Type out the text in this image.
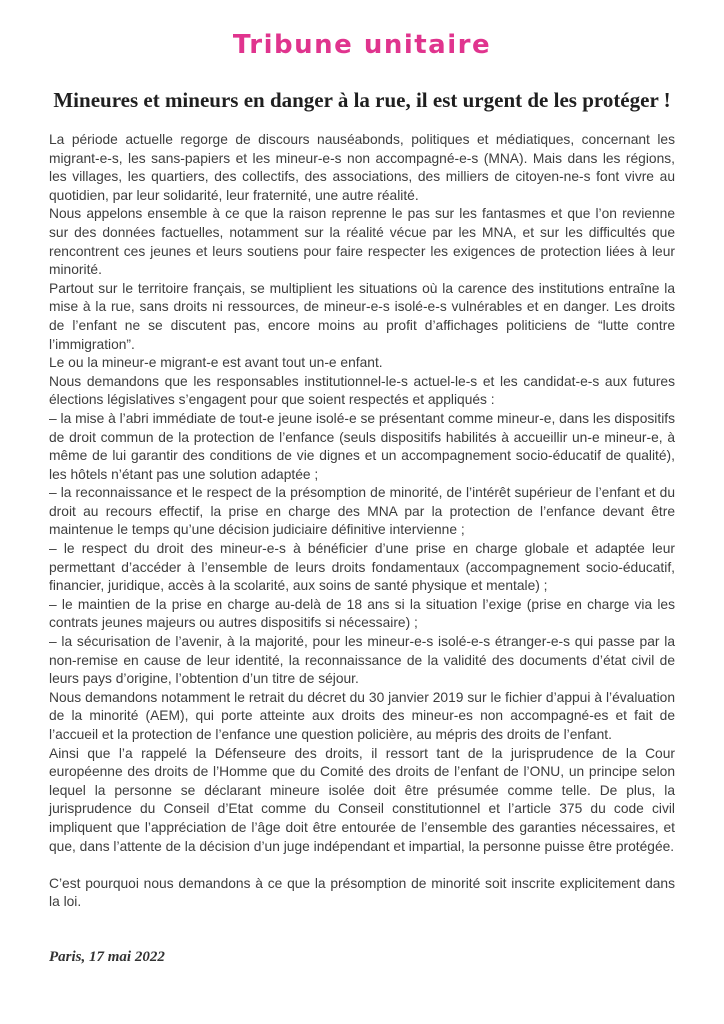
Tribune unitaire
Mineures et mineurs en danger à la rue, il est urgent de les protéger !

La période actuelle regorge de discours nauséabonds, politiques et médiatiques, concernant les migrant-e-s, les sans-papiers et les mineur-e-s non accompagné-e-s (MNA). Mais dans les régions, les villages, les quartiers, des collectifs, des associations, des milliers de citoyen-ne-s font vivre au quotidien, par leur solidarité, leur fraternité, une autre réalité.

Nous appelons ensemble à ce que la raison reprenne le pas sur les fantasmes et que l’on revienne sur des données factuelles, notamment sur la réalité vécue par les MNA, et sur les difficultés que rencontrent ces jeunes et leurs soutiens pour faire respecter les exigences de protection liées à leur minorité.

Partout sur le territoire français, se multiplient les situations où la carence des institutions entraîne la mise à la rue, sans droits ni ressources, de mineur-e-s isolé-e-s vulnérables et en danger. Les droits de l’enfant ne se discutent pas, encore moins au profit d’affichages politiciens de “lutte contre l’immigration”.

Le ou la mineur-e migrant-e est avant tout un-e enfant.

Nous demandons que les responsables institutionnel-le-s actuel-le-s et les candidat-e-s aux futures élections législatives s’engagent pour que soient respectés et appliqués :

– la mise à l’abri immédiate de tout-e jeune isolé-e se présentant comme mineur-e, dans les dispositifs de droit commun de la protection de l’enfance (seuls dispositifs habilités à accueillir un-e mineur-e, à même de lui garantir des conditions de vie dignes et un accompagnement socio-éducatif de qualité), les hôtels n’étant pas une solution adaptée ;

– la reconnaissance et le respect de la présomption de minorité, de l’intérêt supérieur de l’enfant et du droit au recours effectif, la prise en charge des MNA par la protection de l’enfance devant être maintenue le temps qu’une décision judiciaire définitive intervienne ;

– le respect du droit des mineur-e-s à bénéficier d’une prise en charge globale et adaptée leur permettant d’accéder à l’ensemble de leurs droits fondamentaux (accompagnement socio-éducatif, financier, juridique, accès à la scolarité, aux soins de santé physique et mentale) ;

– le maintien de la prise en charge au-delà de 18 ans si la situation l’exige (prise en charge via les contrats jeunes majeurs ou autres dispositifs si nécessaire) ;

– la sécurisation de l’avenir, à la majorité, pour les mineur-e-s isolé-e-s étranger-e-s qui passe par la non-remise en cause de leur identité, la reconnaissance de la validité des documents d’état civil de leurs pays d’origine, l’obtention d’un titre de séjour.

Nous demandons notamment le retrait du décret du 30 janvier 2019 sur le fichier d’appui à l’évaluation de la minorité (AEM), qui porte atteinte aux droits des mineur-es non accompagné-es et fait de l’accueil et la protection de l’enfance une question policière, au mépris des droits de l’enfant.

Ainsi que l’a rappelé la Défenseure des droits, il ressort tant de la jurisprudence de la Cour européenne des droits de l’Homme que du Comité des droits de l’enfant de l’ONU, un principe selon lequel la personne se déclarant mineure isolée doit être présumée comme telle. De plus, la jurisprudence du Conseil d’Etat comme du Conseil constitutionnel et l’article 375 du code civil impliquent que l’appréciation de l’âge doit être entourée de l’ensemble des garanties nécessaires, et que, dans l’attente de la décision d’un juge indépendant et impartial, la personne puisse être protégée.

C’est pourquoi nous demandons à ce que la présomption de minorité soit inscrite explicitement dans la loi.

Paris, 17 mai 2022
